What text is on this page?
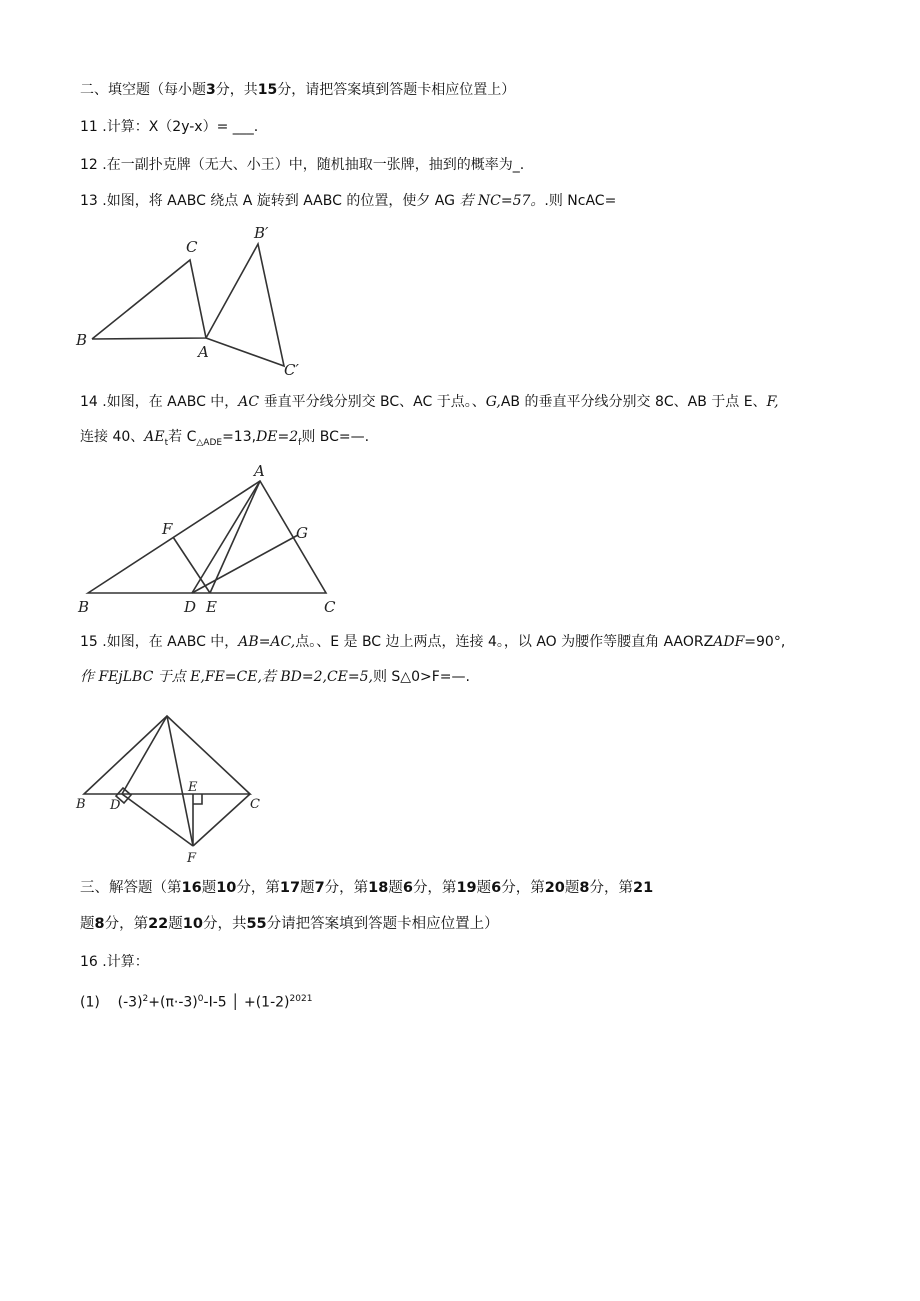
二、填空题（每小题3分，共15分，请把答案填到答题卡相应位置上）
11 .计算：X（2y-x）= ___.
12 .在一副扑克牌（无大、小王）中，随机抽取一张牌，抽到的概率为_.
13 .如图，将 AABC 绕点 A 旋转到 AABC 的位置，使夕 AG 若 NC=57。.则 NcAC=
B
C
A
B′
C′
14 .如图，在 AABC 中，AC 垂直平分线分别交 BC、AC 于点。、G,AB 的垂直平分线分别交 8C、AB 于点 E、F,
连接 40、$AE_t$若 $C_{\triangle ADE}=13,DE=2_f$则 BC=—.
B
A
C
D E
F	G
15 .如图，在 AABC 中，AB=AC,点。、E 是 BC 边上两点，连接 4。，以 AO 为腰作等腰直角 AAORZADF=90°,
作 FEjLBC 于点 E,FE=CE,若 BD=2,CE=5,则 S△0>F=—.
B D
E
C
F
三、解答题（第16题10分，第17题7分，第18题6分，第19题6分，第20题8分，第21
题8分，第22题10分，共55分请把答案填到答题卡相应位置上）
16 .计算：
(1) $(-3)^2+(\pi\cdot-3)^0-I-5$ │ $+(1-2)^{2021}$
